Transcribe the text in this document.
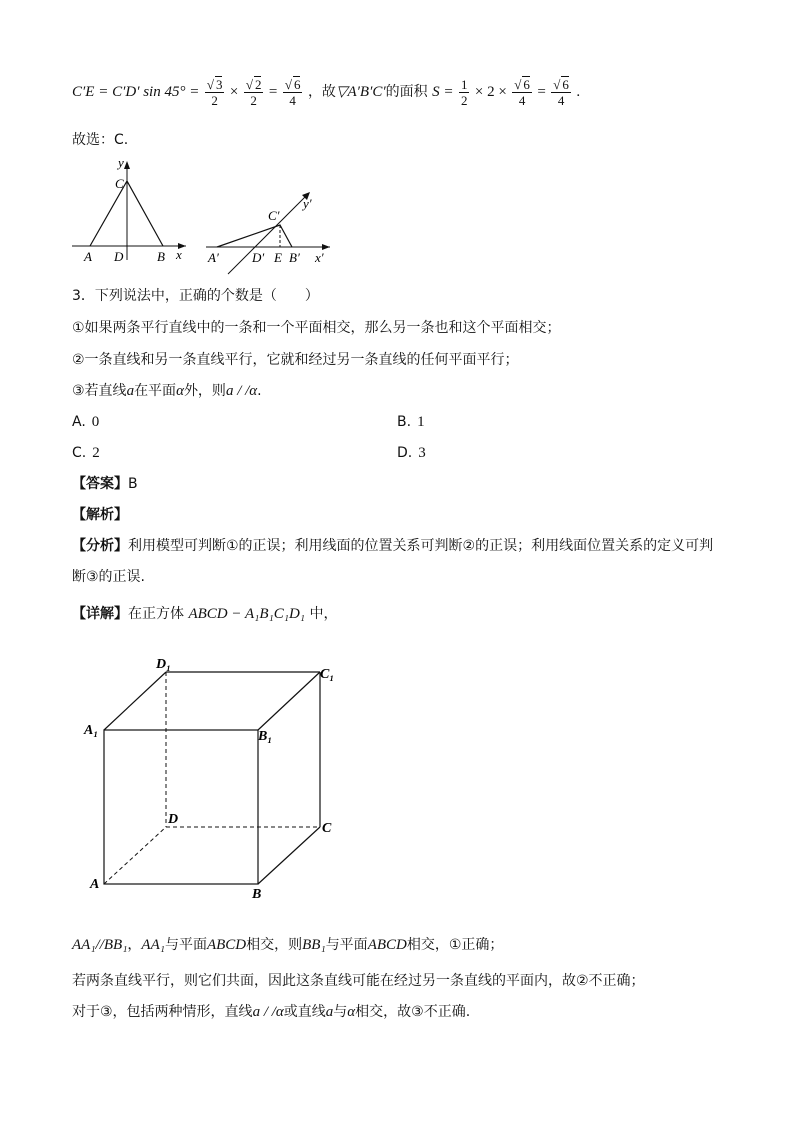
C′E = C′D′ $\sin 45^\circ = \frac{√ 3}{2} \times \frac{√ 2}{2} = \frac{√ 6}{4}$ ，故▽A′B′C′的面积 $S = \frac{1}{2} \times 2 \times \frac{√ 6}{4} = \frac{√ 6}{4}$ .
故选：C.
y
C
A D	B x
C′
y′
A′	D′ E B′ x′
3．下列说法中，正确的个数是（　　）
①如果两条平行直线中的一条和一个平面相交，那么另一条也和这个平面相交；
②一条直线和另一条直线平行，它就和经过另一条直线的任何平面平行；
③若直线a在平面α外，则a / /α.
A. 0	B. 1
C. 2	D. 3
【答案】B
【解析】
【分析】利用模型可判断①的正误；利用线面的位置关系可判断②的正误；利用线面位置关系的定义可判
断③的正误.
【详解】在正方体 ABCD − A₁B₁C₁D₁ 中，
D₁
C₁
A₁	B₁
D
C
A
B
AA₁//BB₁，AA₁与平面ABCD相交，则BB₁与平面ABCD相交，①正确；
若两条直线平行，则它们共面，因此这条直线可能在经过另一条直线的平面内，故②不正确；
对于③，包括两种情形，直线a / /α或直线a与α相交，故③不正确.
